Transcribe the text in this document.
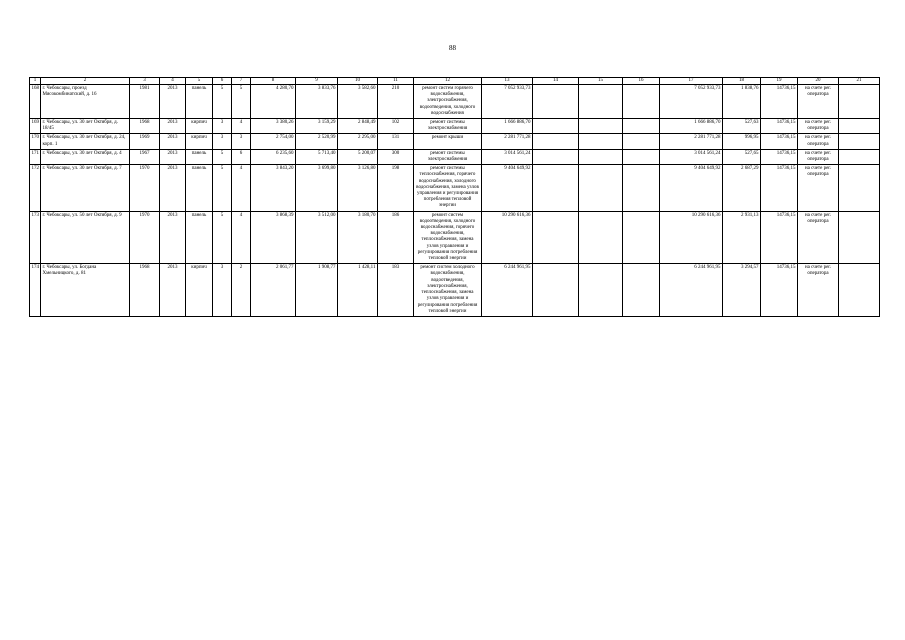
88
1	2	3	4	5	6	7	8	9	10	11	12	13	14	15	16	17	18	19	20	21
168	г. Чебоксары, проезд Мясокомбинатский, д. 16	1981	2013	панель	5	5	4 280,70	3 833,76	3 582,60	210	ремонт систем горячего водоснабжения, электроснабжения, водоотведения, холодного водоснабжения	7 052 933,73				7 052 933,73	1 838,76	14736,15	на счете рег. оператора	
169	г. Чебоксары, ул. 30 лет Октября, д. 18/45	1968	2013	кирпич	3	4	3 380,26	3 159,29	2 848,49	102	ремонт системы электроснабжения	1 666 886,70				1 666 886,70	527,63	14736,15	на счете рег. оператора	
170	г. Чебоксары, ул. 30 лет Октября, д. 24, корп. 1	1969	2013	кирпич	3	3	2 754,00	2 520,99	2 295,00	131	ремонт крыши	2 281 771,28				2 281 771,28	996,95	14736,15	на счете рег. оператора	
171	г. Чебоксары, ул. 30 лет Октября, д. 4	1967	2013	панель	5	6	6 235,60	5 713,40	5 200,07	300	ремонт системы электроснабжения	3 014 561,24				3 014 561,24	527,65	14736,15	на счете рег. оператора	
172	г. Чебоксары, ул. 30 лет Октября, д. 7	1970	2013	панель	5	4	3 843,20	3 699,80	3 126,80	198	ремонт системы теплоснабжения, горячего водоснабжения, холодного водоснабжения, замена узлов управления и регулирования потребления тепловой энергии	9 404 649,92				9 404 649,92	2 687,29	14736,15	на счете рег. оператора	
173	г. Чебоксары, ул. 50 лет Октября, д. 9	1970	2013	панель	5	4	3 868,39	3 512,00	3 180,70	186	ремонт систем водоотведения, холодного водоснабжения, горячего водоснабжения, теплоснабжения, замена узлов управления и регулирования потребления тепловой энергии	10 290 616,36				10 290 616,36	2 931,13	14736,15	на счете рег. оператора	
174	г. Чебоксары, ул. Богдана Хмельницкого, д. 81	1968	2013	кирпич	3	2	2 061,77	1 908,77	1 428,11	183	ремонт систем холодного водоснабжения, водоотведения, электроснабжения, теплоснабжения, замена узлов управления и регулирования потребления тепловой энергии	6 244 961,95				6 244 961,95	3 294,57	14736,15	на счете рег. оператора	
